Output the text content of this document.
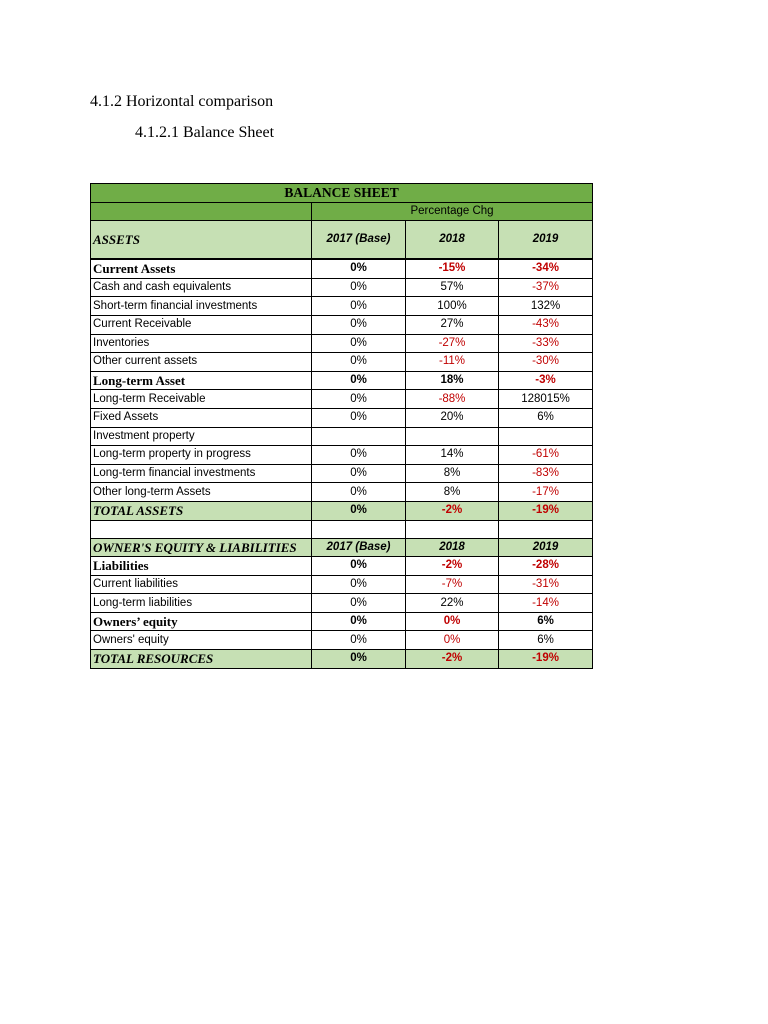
4.1.2 Horizontal comparison
4.1.2.1 Balance Sheet
BALANCE SHEET			
	Percentage Chg		
ASSETS	2017 (Base)	2018	2019
Current Assets	0%	-15%	-34%
Cash and cash equivalents	0%	57%	-37%
Short-term financial investments	0%	100%	132%
Current Receivable	0%	27%	-43%
Inventories	0%	-27%	-33%
Other current assets	0%	-11%	-30%
Long-term Asset	0%	18%	-3%
Long-term Receivable	0%	-88%	128015%
Fixed Assets	0%	20%	6%
Investment property			
Long-term property in progress	0%	14%	-61%
Long-term financial investments	0%	8%	-83%
Other long-term Assets	0%	8%	-17%
TOTAL ASSETS	0%	-2%	-19%

OWNER'S EQUITY & LIABILITIES	2017 (Base)	2018	2019
Liabilities	0%	-2%	-28%
Current liabilities	0%	-7%	-31%
Long-term liabilities	0%	22%	-14%
Owners’ equity	0%	0%	6%
Owners' equity	0%	0%	6%
TOTAL RESOURCES	0%	-2%	-19%
